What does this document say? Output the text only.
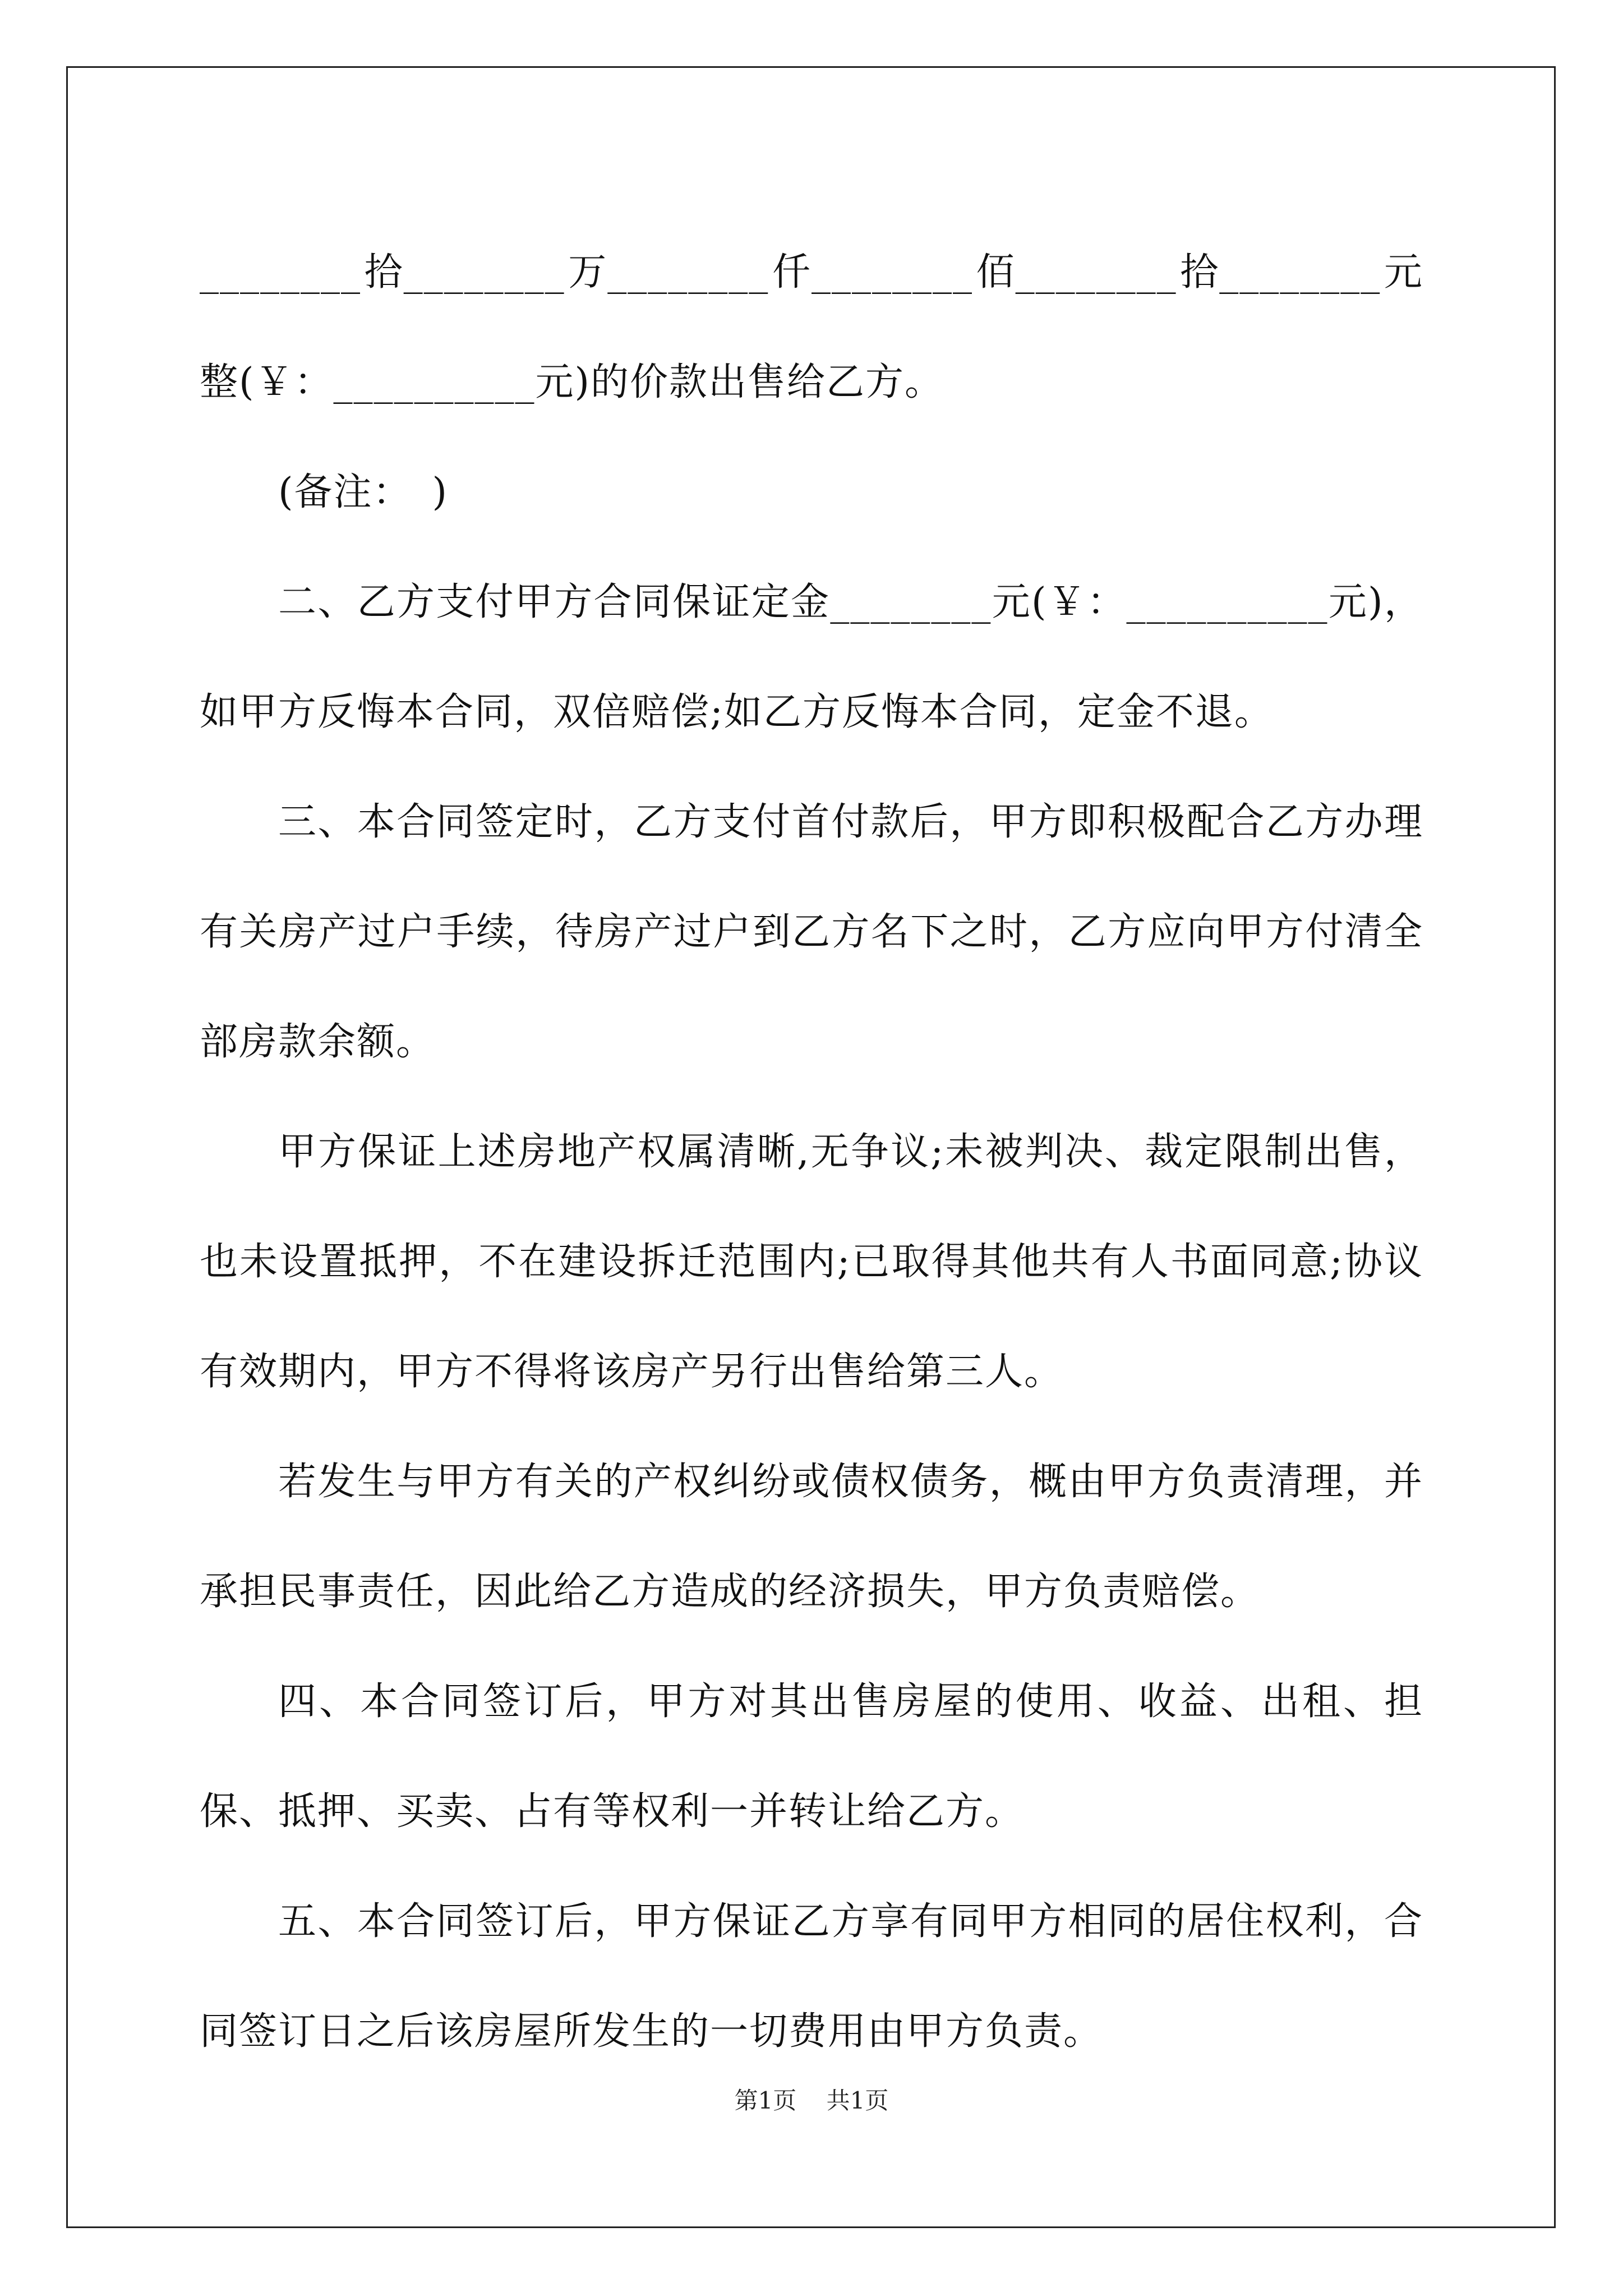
________ 拾________ 万________ 仟________ 佰________ 拾________ 元

整(￥：__________元)的价款出售给乙方。

(备注：　)

二、乙方支付甲方合同保证定金________元(￥：__________元)，如甲方反悔本合同，双倍赔偿;如乙方反悔本合同，定金不退。

三、本合同签定时，乙方支付首付款后，甲方即积极配合乙方办理有关房产过户手续，待房产过户到乙方名下之时，乙方应向甲方付清全部房款余额。

甲方保证上述房地产权属清晰,无争议;未被判决、裁定限制出售，也未设置抵押，不在建设拆迁范围内;已取得其他共有人书面同意;协议有效期内，甲方不得将该房产另行出售给第三人。

若发生与甲方有关的产权纠纷或债权债务，概由甲方负责清理，并承担民事责任，因此给乙方造成的经济损失，甲方负责赔偿。

四、本合同签订后，甲方对其出售房屋的使用、收益、出租、担保、抵押、买卖、占有等权利一并转让给乙方。

五、本合同签订后，甲方保证乙方享有同甲方相同的居住权利，合同签订日之后该房屋所发生的一切费用由甲方负责。

第1页 共1页
